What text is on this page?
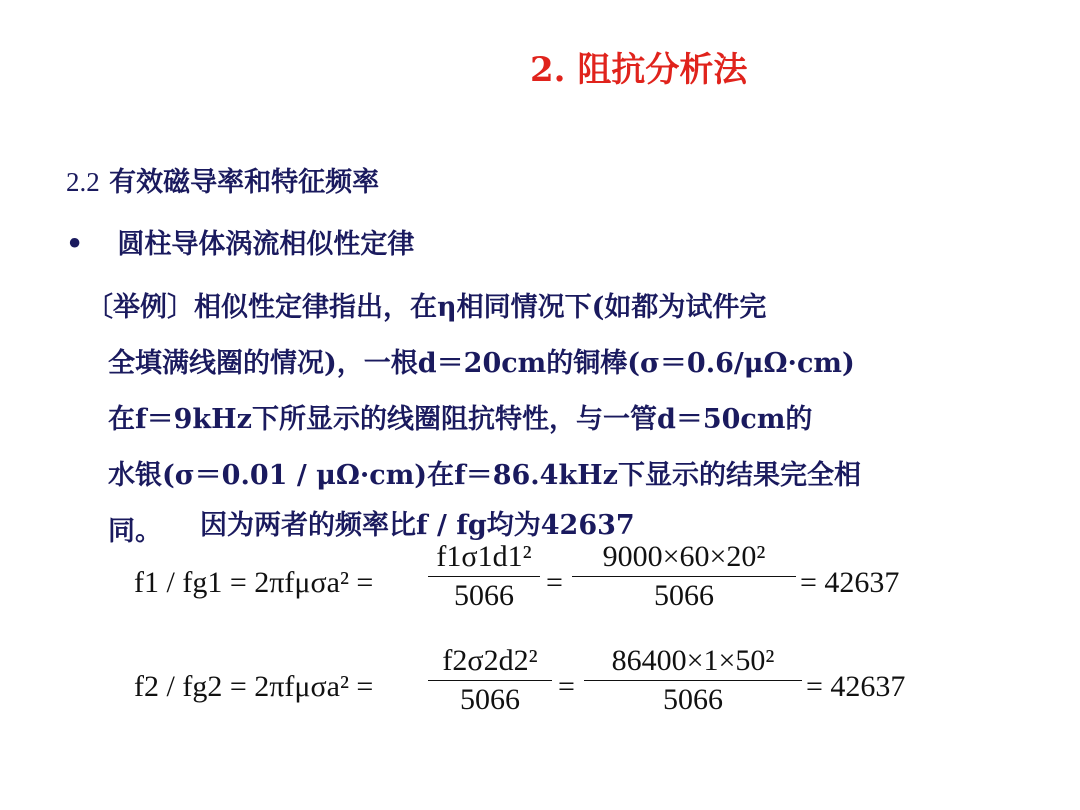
2. 阻抗分析法
2.2 有效磁导率和特征频率
• 圆柱导体涡流相似性定律
〔举例〕相似性定律指出，在η相同情况下(如都为试件完
全填满线圈的情况)，一根d＝20cm的铜棒(σ＝0.6/μΩ·cm)
在f＝9kHz下所显示的线圈阻抗特性，与一管d＝50cm的
水银(σ＝0.01 / μΩ·cm)在f＝86.4kHz下显示的结果完全相
同。	因为两者的频率比f / fg均为42637
$f1 / fg1 = 2\pi f\mu\sigma a^2 = \frac{\text{f1σ1d1²}}{5066} = \frac{\text{9000×60×20²}}{5066} = 42637$
$f2 / fg2 = 2\pi f\mu\sigma a^2 = \frac{\text{f2σ2d2²}}{5066} = \frac{\text{86400×1×50²}}{5066} = 42637$
